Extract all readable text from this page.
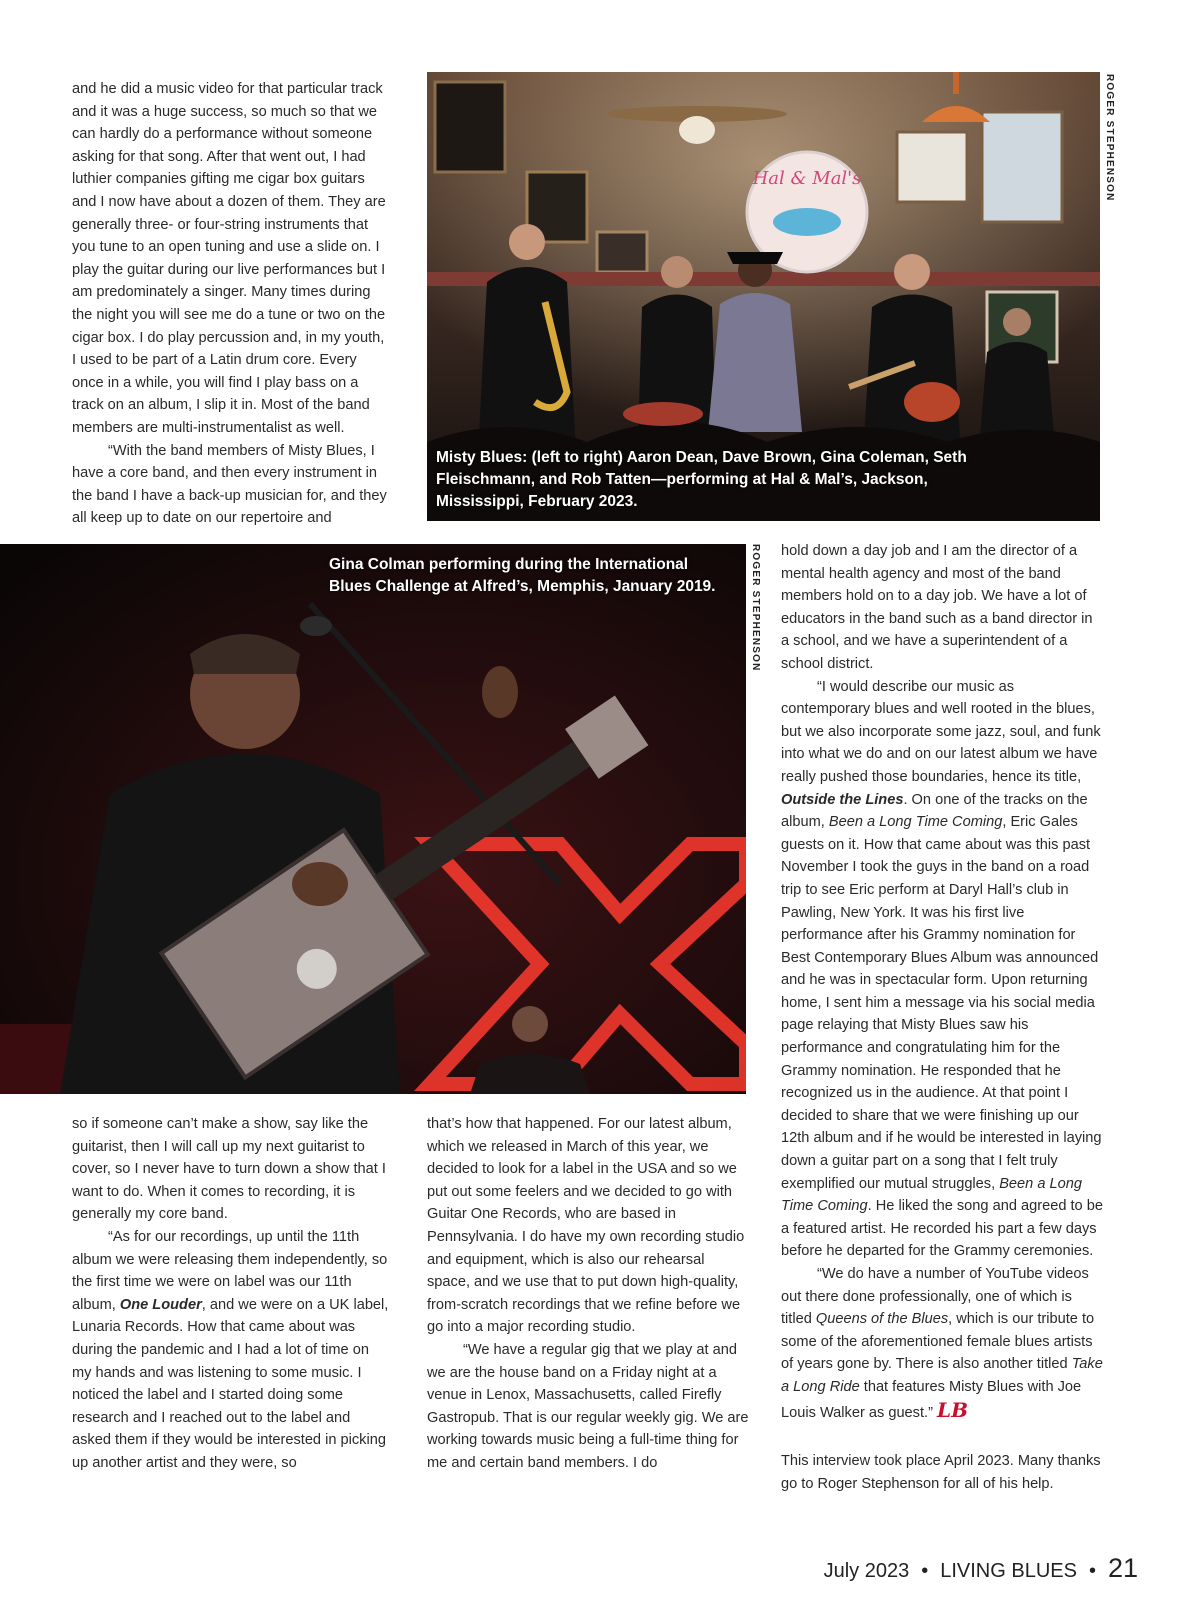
and he did a music video for that particular track and it was a huge success, so much so that we can hardly do a performance without someone asking for that song. After that went out, I had luthier companies gifting me cigar box guitars and I now have about a dozen of them. They are generally three- or four-string instruments that you tune to an open tuning and use a slide on. I play the guitar during our live performances but I am predominately a singer. Many times during the night you will see me do a tune or two on the cigar box. I do play percussion and, in my youth, I used to be part of a Latin drum core. Every once in a while, you will find I play bass on a track on an album, I slip it in. Most of the band members are multi-instrumentalist as well.

“With the band members of Misty Blues, I have a core band, and then every instrument in the band I have a back-up musician for, and they all keep up to date on our repertoire and

Hal & Mal's
Misty Blues: (left to right) Aaron Dean, Dave Brown, Gina Coleman, Seth Fleischmann, and Rob Tatten—performing at Hal & Mal’s, Jackson, Mississippi, February 2023.
ROGER STEPHENSON
Gina Colman performing during the International Blues Challenge at Alfred’s, Memphis, January 2019.	ROGER STEPHENSON

so if someone can’t make a show, say like the guitarist, then I will call up my next guitarist to cover, so I never have to turn down a show that I want to do. When it comes to recording, it is generally my core band.

“As for our recordings, up until the 11th album we were releasing them independently, so the first time we were on label was our 11th album, One Louder, and we were on a UK label, Lunaria Records. How that came about was during the pandemic and I had a lot of time on my hands and was listening to some music. I noticed the label and I started doing some research and I reached out to the label and asked them if they would be interested in picking up another artist and they were, so

that’s how that happened. For our latest album, which we released in March of this year, we decided to look for a label in the USA and so we put out some feelers and we decided to go with Guitar One Records, who are based in Pennsylvania. I do have my own recording studio and equipment, which is also our rehearsal space, and we use that to put down high-quality, from-scratch recordings that we refine before we go into a major recording studio.

“We have a regular gig that we play at and we are the house band on a Friday night at a venue in Lenox, Massachusetts, called Firefly Gastropub. That is our regular weekly gig. We are working towards music being a full-time thing for me and certain band members. I do

hold down a day job and I am the director of a mental health agency and most of the band members hold on to a day job. We have a lot of educators in the band such as a band director in a school, and we have a superintendent of a school district.

“I would describe our music as contemporary blues and well rooted in the blues, but we also incorporate some jazz, soul, and funk into what we do and on our latest album we have really pushed those boundaries, hence its title, Outside the Lines. On one of the tracks on the album, Been a Long Time Coming, Eric Gales guests on it. How that came about was this past November I took the guys in the band on a road trip to see Eric perform at Daryl Hall’s club in Pawling, New York. It was his first live performance after his Grammy nomination for Best Contemporary Blues Album was announced and he was in spectacular form. Upon returning home, I sent him a message via his social media page relaying that Misty Blues saw his performance and congratulating him for the Grammy nomination. He responded that he recognized us in the audience. At that point I decided to share that we were finishing up our 12th album and if he would be interested in laying down a guitar part on a song that I felt truly exemplified our mutual struggles, Been a Long Time Coming. He liked the song and agreed to be a featured artist. He recorded his part a few days before he departed for the Grammy ceremonies.

“We do have a number of YouTube videos out there done professionally, one of which is titled Queens of the Blues, which is our tribute to some of the aforementioned female blues artists of years gone by. There is also another titled Take a Long Ride that features Misty Blues with Joe Louis Walker as guest.” LB

This interview took place April 2023. Many thanks go to Roger Stephenson for all of his help.

July 2023 • LIVING BLUES • 21
